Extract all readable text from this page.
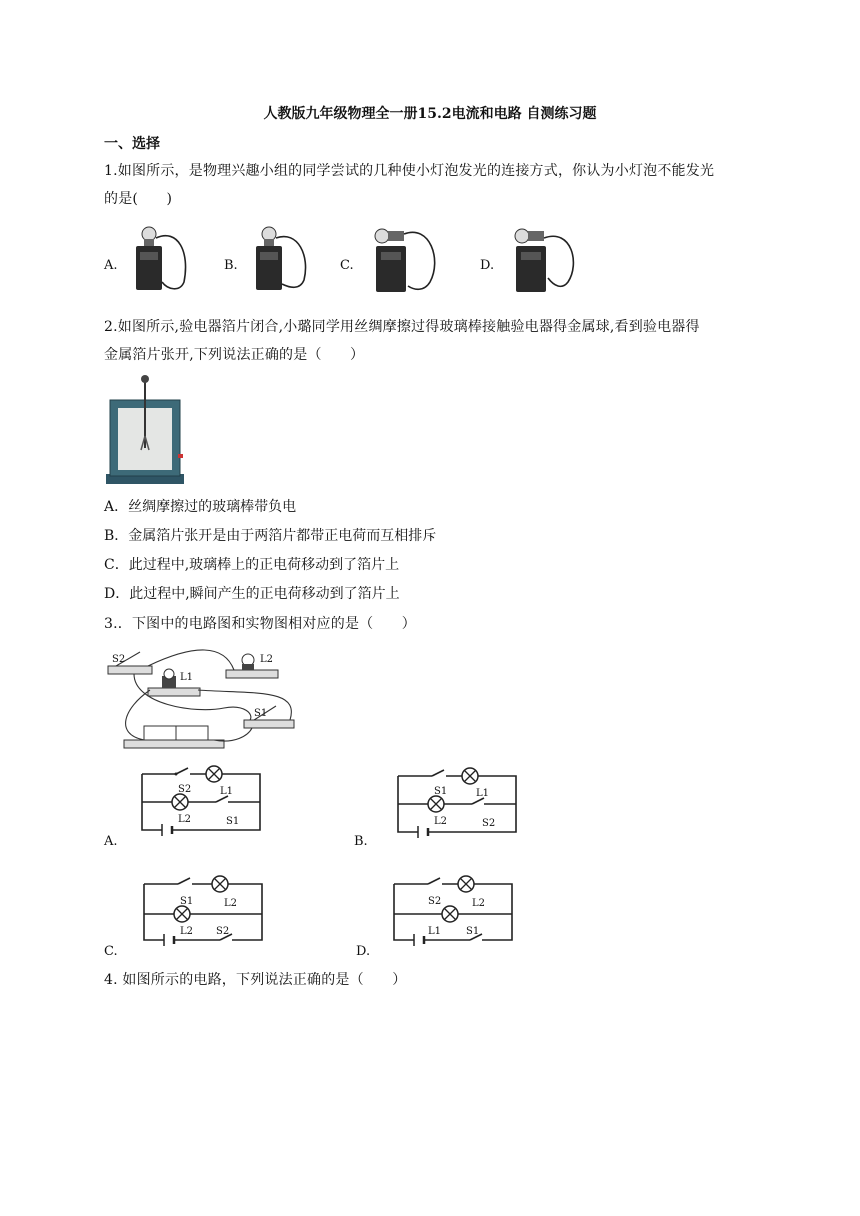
人教版九年级物理全一册15.2电流和电路 自测练习题
一、选择
1.如图所示，是物理兴趣小组的同学尝试的几种使小灯泡发光的连接方式，你认为小灯泡不能发光
的是(　　)
A.	B.	C.	D.
2.如图所示,验电器箔片闭合,小璐同学用丝绸摩擦过得玻璃棒接触验电器得金属球,看到验电器得
金属箔片张开,下列说法正确的是（　　）
A．丝绸摩擦过的玻璃棒带负电
B．金属箔片张开是由于两箔片都带正电荷而互相排斥
C．此过程中,玻璃棒上的正电荷移动到了箔片上
D．此过程中,瞬间产生的正电荷移动到了箔片上
3.．下图中的电路图和实物图相对应的是（　　）
S2	L2
L1
S1
A.
S2	L1
L2	S1
B.
S1	L1
L2	S2
C.
S1	L2
L2 S2
D.
S2	L2
L1 S1
4. 如图所示的电路，下列说法正确的是（　　）
